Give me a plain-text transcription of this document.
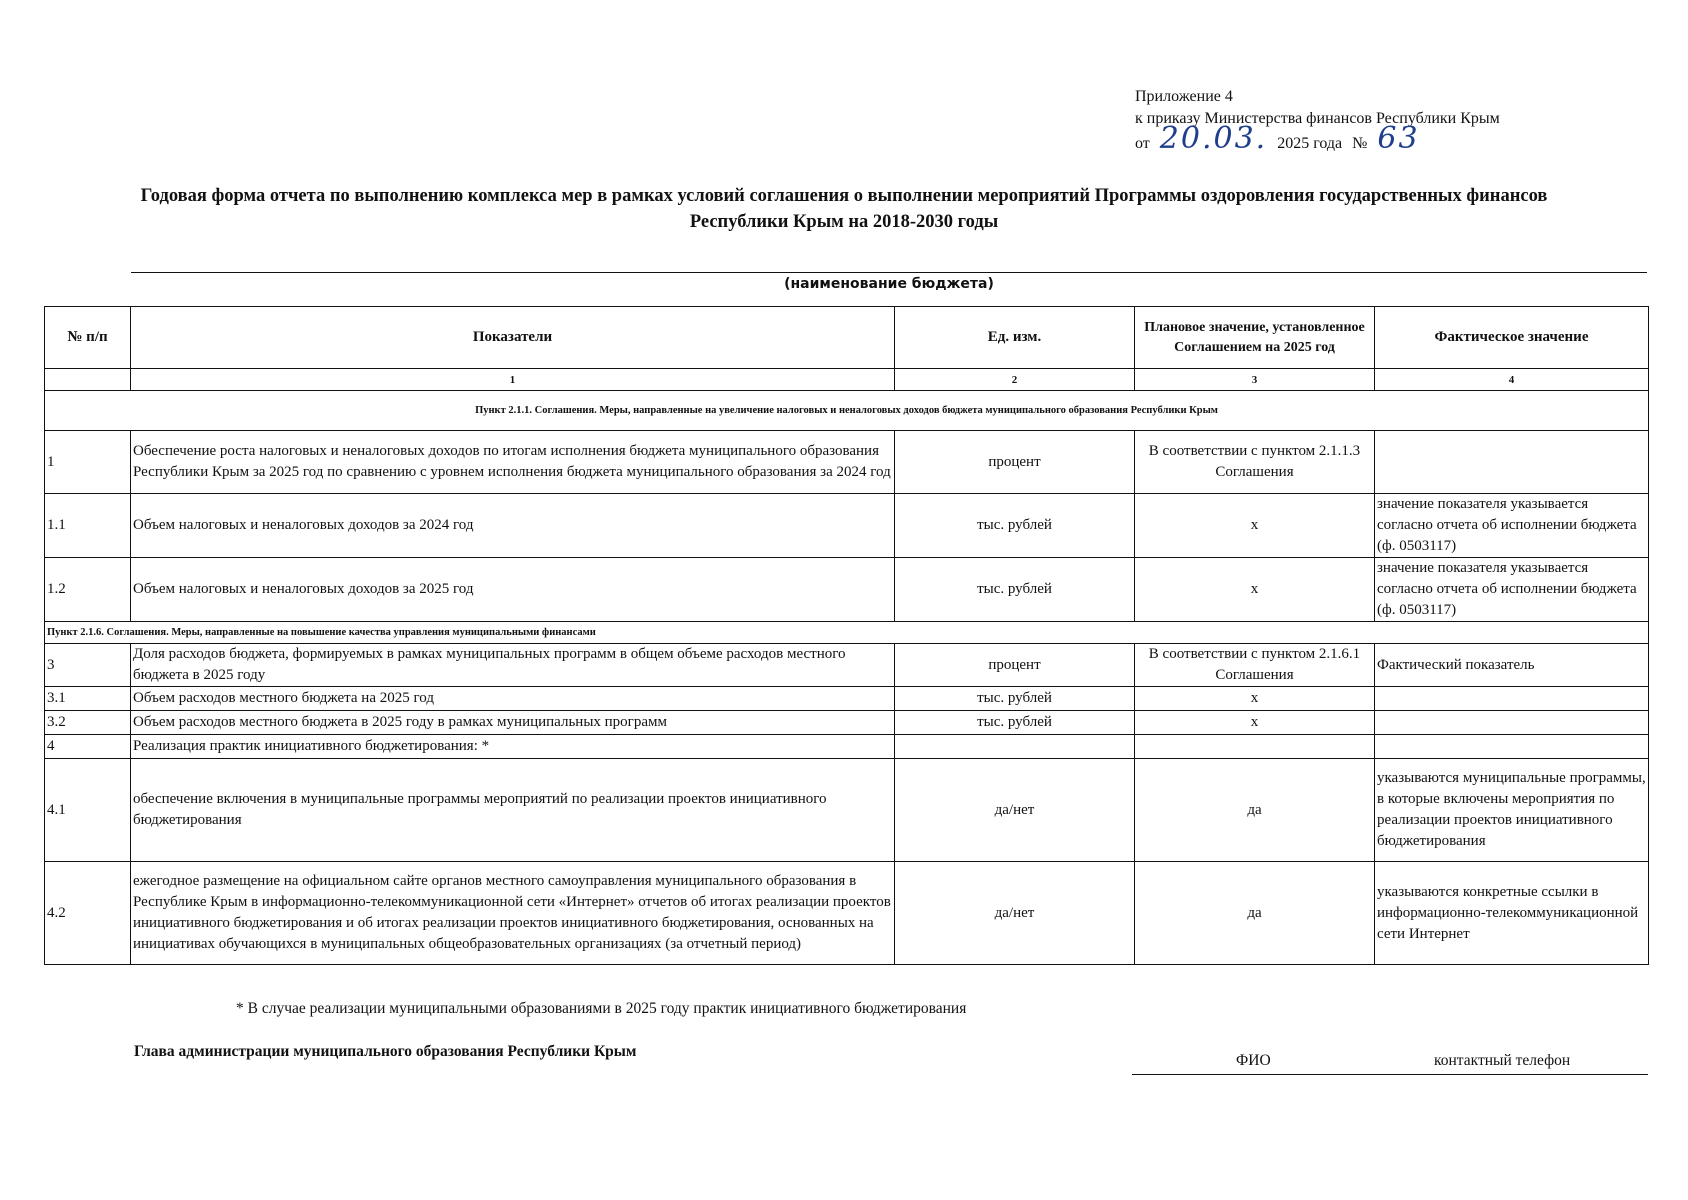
Приложение 4
к приказу Министерства финансов Республики Крым
от 20.03. 2025 года № 63
Годовая форма отчета по выполнению комплекса мер в рамках условий соглашения о выполнении мероприятий Программы оздоровления государственных финансов
Республики Крым на 2018-2030 годы
(наименование бюджета)
№ п/п	Показатели	Ед. изм.	Плановое значение, установленное Соглашением на 2025 год	Фактическое значение
	1	2	3	4
Пункт 2.1.1. Соглашения. Меры, направленные на увеличение налоговых и неналоговых доходов бюджета муниципального образования Республики Крым				
1	Обеспечение роста налоговых и неналоговых доходов по итогам исполнения бюджета муниципального образования Республики Крым за 2025 год по сравнению с уровнем исполнения бюджета муниципального образования за 2024 год	процент	В соответствии с пунктом 2.1.1.3 Соглашения	
1.1	Объем налоговых и неналоговых доходов за 2024 год	тыс. рублей	х	значение показателя указывается согласно отчета об исполнении бюджета (ф. 0503117)
1.2	Объем налоговых и неналоговых доходов за 2025 год	тыс. рублей	х	значение показателя указывается согласно отчета об исполнении бюджета (ф. 0503117)
Пункт 2.1.6. Соглашения. Меры, направленные на повышение качества управления муниципальными финансами				
3	Доля расходов бюджета, формируемых в рамках муниципальных программ в общем объеме расходов местного бюджета в 2025 году	процент	В соответствии с пунктом 2.1.6.1 Соглашения	Фактический показатель
3.1	Объем расходов местного бюджета на 2025 год	тыс. рублей	х	
3.2	Объем расходов местного бюджета в 2025 году в рамках муниципальных программ	тыс. рублей	х	
4	Реализация практик инициативного бюджетирования: *			
4.1	обеспечение включения в муниципальные программы мероприятий по реализации проектов инициативного бюджетирования	да/нет	да	указываются муниципальные программы, в которые включены мероприятия по реализации проектов инициативного бюджетирования
4.2	ежегодное размещение на официальном сайте органов местного самоуправления муниципального образования в Республике Крым в информационно-телекоммуникационной сети «Интернет» отчетов об итогах реализации проектов инициативного бюджетирования и об итогах реализации проектов инициативного бюджетирования, основанных на инициативах обучающихся в муниципальных общеобразовательных организациях (за отчетный период)	да/нет	да	указываются конкретные ссылки в информационно-телекоммуникационной сети Интернет
* В случае реализации муниципальными образованиями в 2025 году практик инициативного бюджетирования
Глава администрации муниципального образования Республики Крым
ФИО	контактный телефон
